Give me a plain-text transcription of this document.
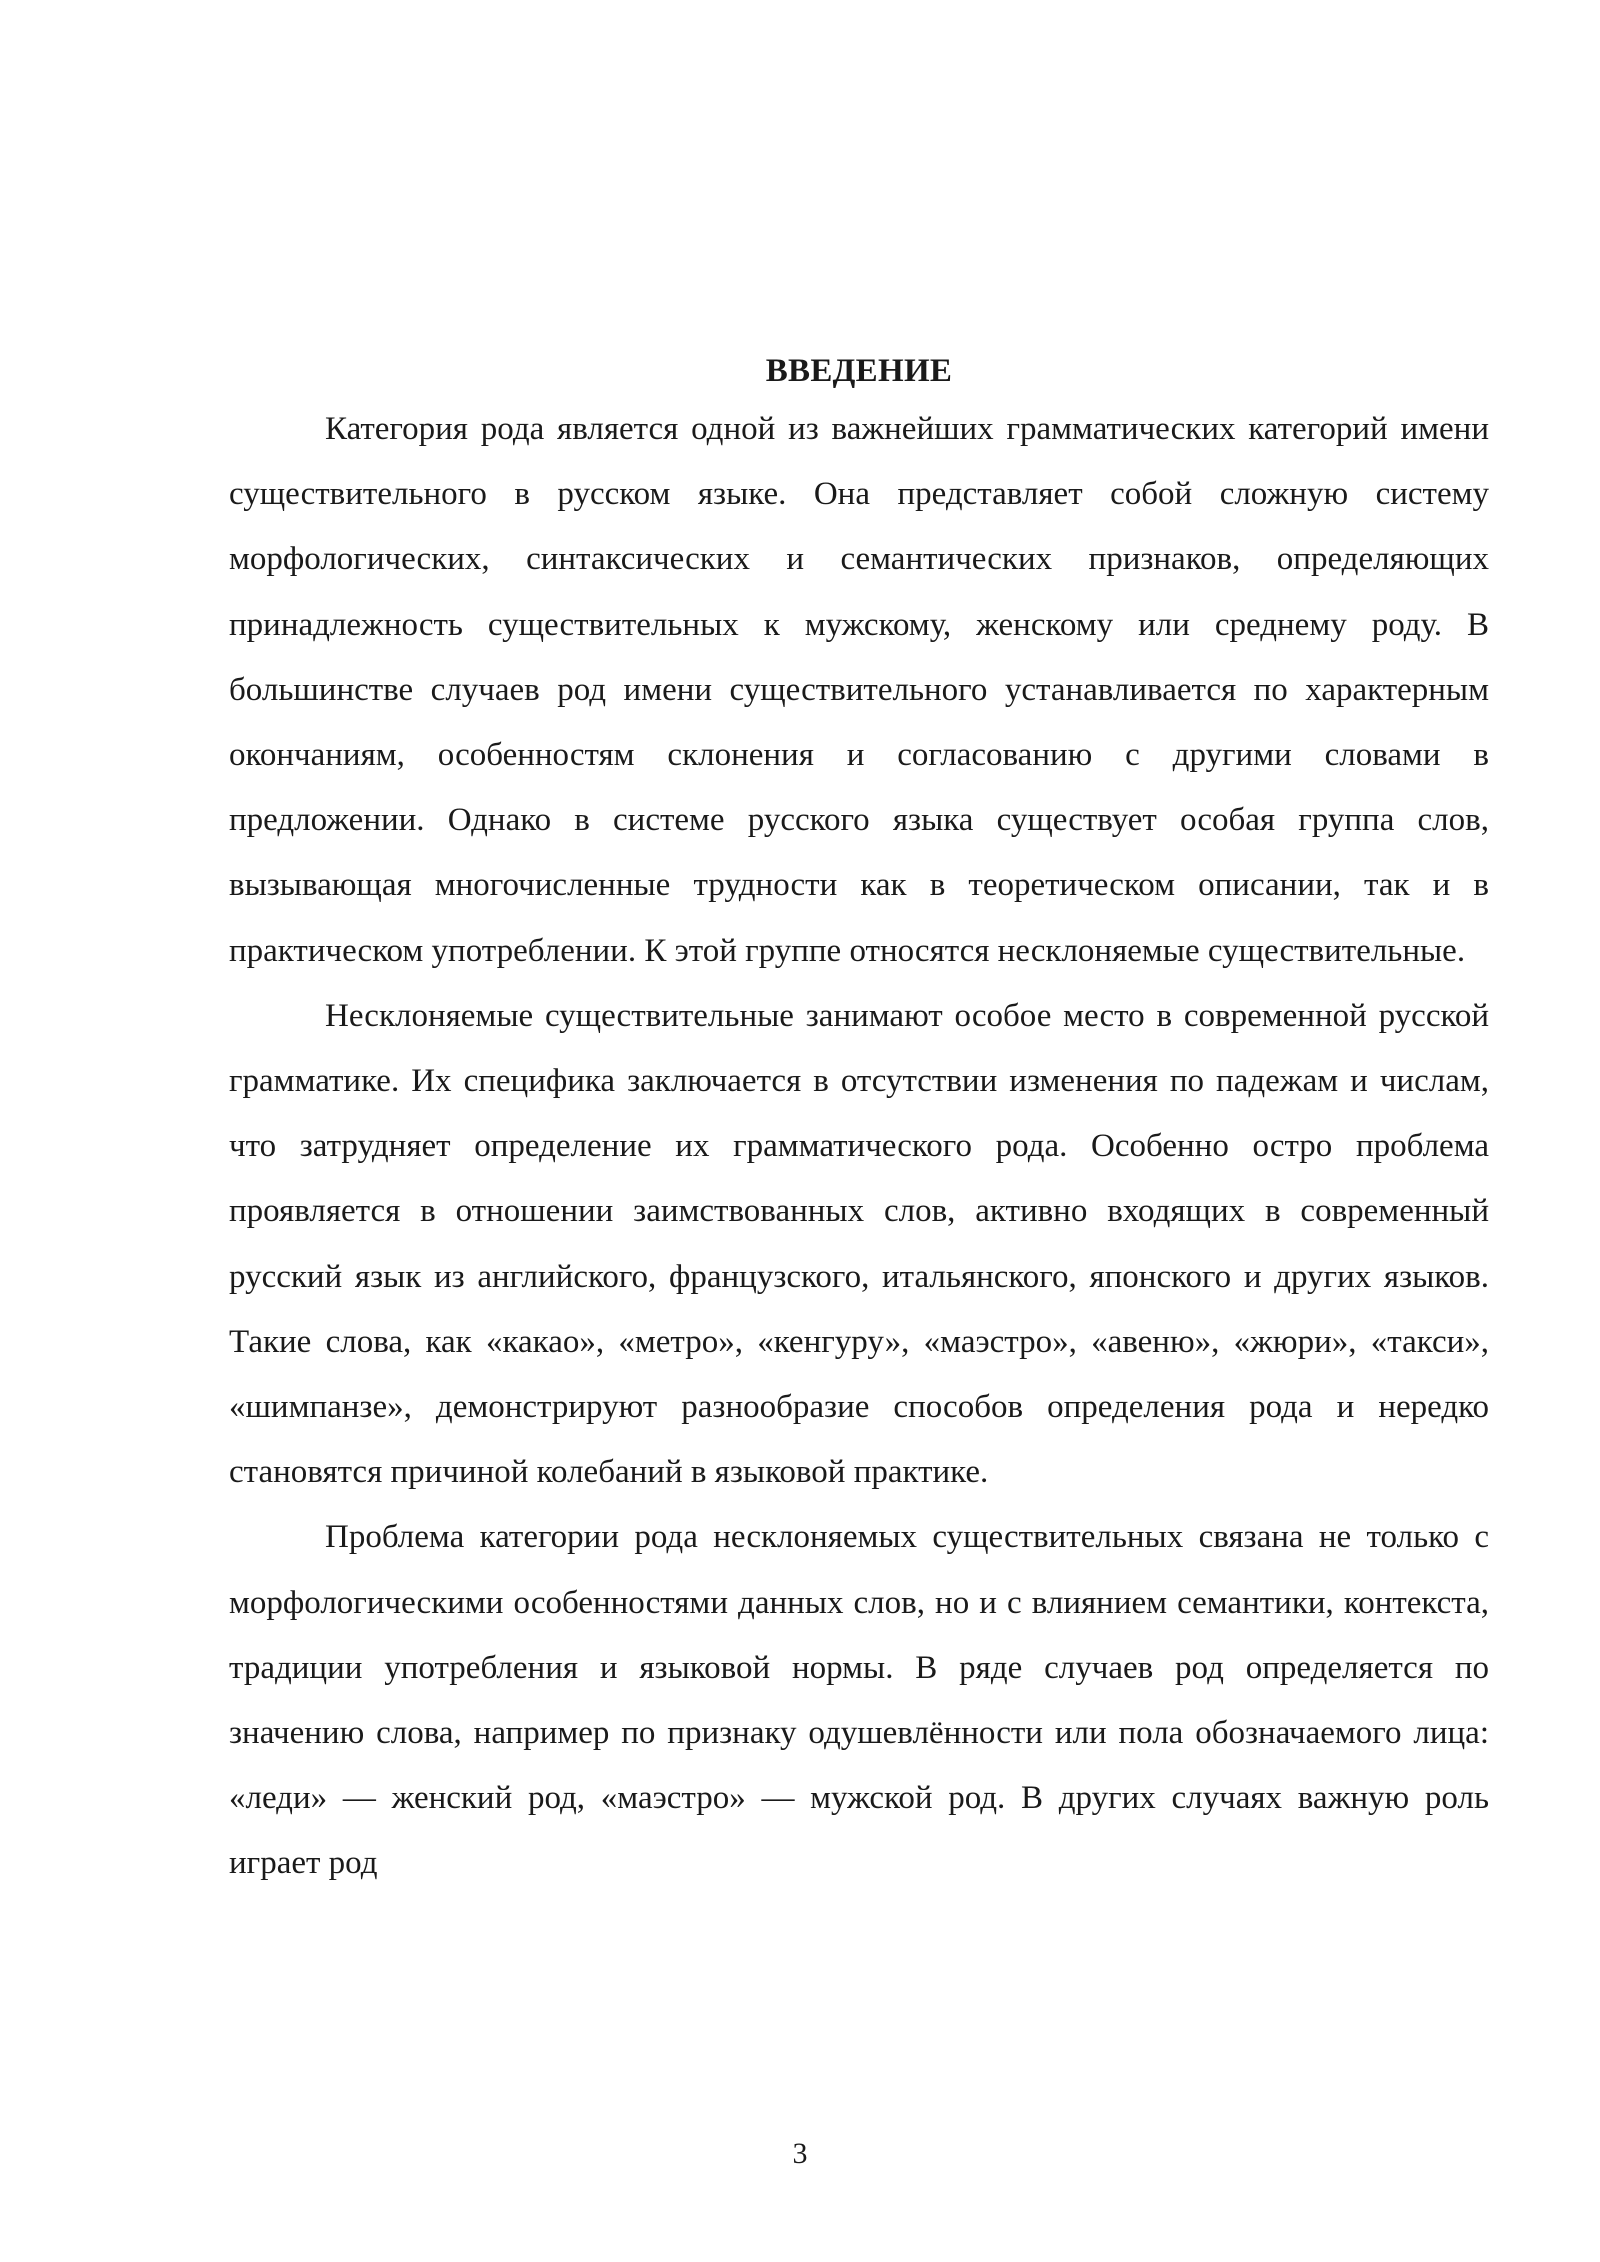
ВВЕДЕНИЕ

Категория рода является одной из важнейших грамматических категорий имени существительного в русском языке. Она представляет собой сложную систему морфологических, синтаксических и семантических признаков, определяющих принадлежность существительных к мужскому, женскому или среднему роду. В большинстве случаев род имени существительного устанавливается по характерным окончаниям, особенностям склонения и согласованию с другими словами в предложении. Однако в системе русского языка существует особая группа слов, вызывающая многочисленные трудности как в теоретическом описании, так и в практическом употреблении. К этой группе относятся несклоняемые существительные.

Несклоняемые существительные занимают особое место в современной русской грамматике. Их специфика заключается в отсутствии изменения по падежам и числам, что затрудняет определение их грамматического рода. Особенно остро проблема проявляется в отношении заимствованных слов, активно входящих в современный русский язык из английского, французского, итальянского, японского и других языков. Такие слова, как «какао», «метро», «кенгуру», «маэстро», «авеню», «жюри», «такси», «шимпанзе», демонстрируют разнообразие способов определения рода и нередко становятся причиной колебаний в языковой практике.

Проблема категории рода несклоняемых существительных связана не только с морфологическими особенностями данных слов, но и с влиянием семантики, контекста, традиции употребления и языковой нормы. В ряде случаев род определяется по значению слова, например по признаку одушевлённости или пола обозначаемого лица: «леди» — женский род, «маэстро» — мужской род. В других случаях важную роль играет род

3
